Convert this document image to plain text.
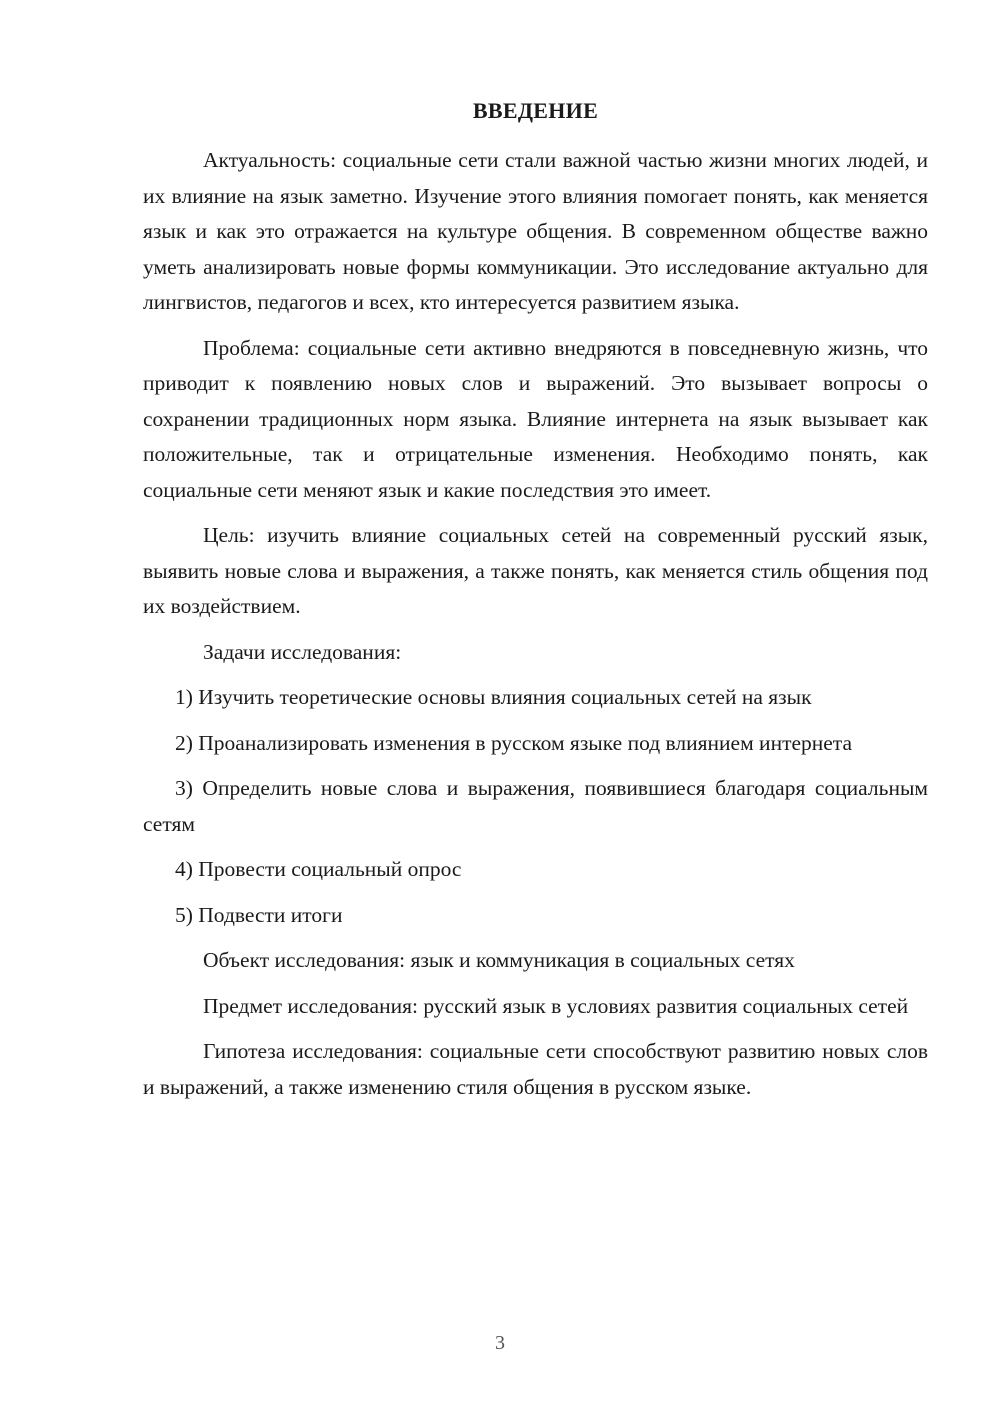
ВВЕДЕНИЕ

Актуальность: социальные сети стали важной частью жизни многих людей, и их влияние на язык заметно. Изучение этого влияния помогает понять, как меняется язык и как это отражается на культуре общения. В современном обществе важно уметь анализировать новые формы коммуникации. Это исследование актуально для лингвистов, педагогов и всех, кто интересуется развитием языка.

Проблема: социальные сети активно внедряются в повседневную жизнь, что приводит к появлению новых слов и выражений. Это вызывает вопросы о сохранении традиционных норм языка. Влияние интернета на язык вызывает как положительные, так и отрицательные изменения. Необходимо понять, как социальные сети меняют язык и какие последствия это имеет.

Цель: изучить влияние социальных сетей на современный русский язык, выявить новые слова и выражения, а также понять, как меняется стиль общения под их воздействием.

Задачи исследования:

1) Изучить теоретические основы влияния социальных сетей на язык

2) Проанализировать изменения в русском языке под влиянием интернета

3) Определить новые слова и выражения, появившиеся благодаря социальным сетям

4) Провести социальный опрос

5) Подвести итоги

Объект исследования: язык и коммуникация в социальных сетях

Предмет исследования: русский язык в условиях развития социальных сетей

Гипотеза исследования: социальные сети способствуют развитию новых слов и выражений, а также изменению стиля общения в русском языке.

3
